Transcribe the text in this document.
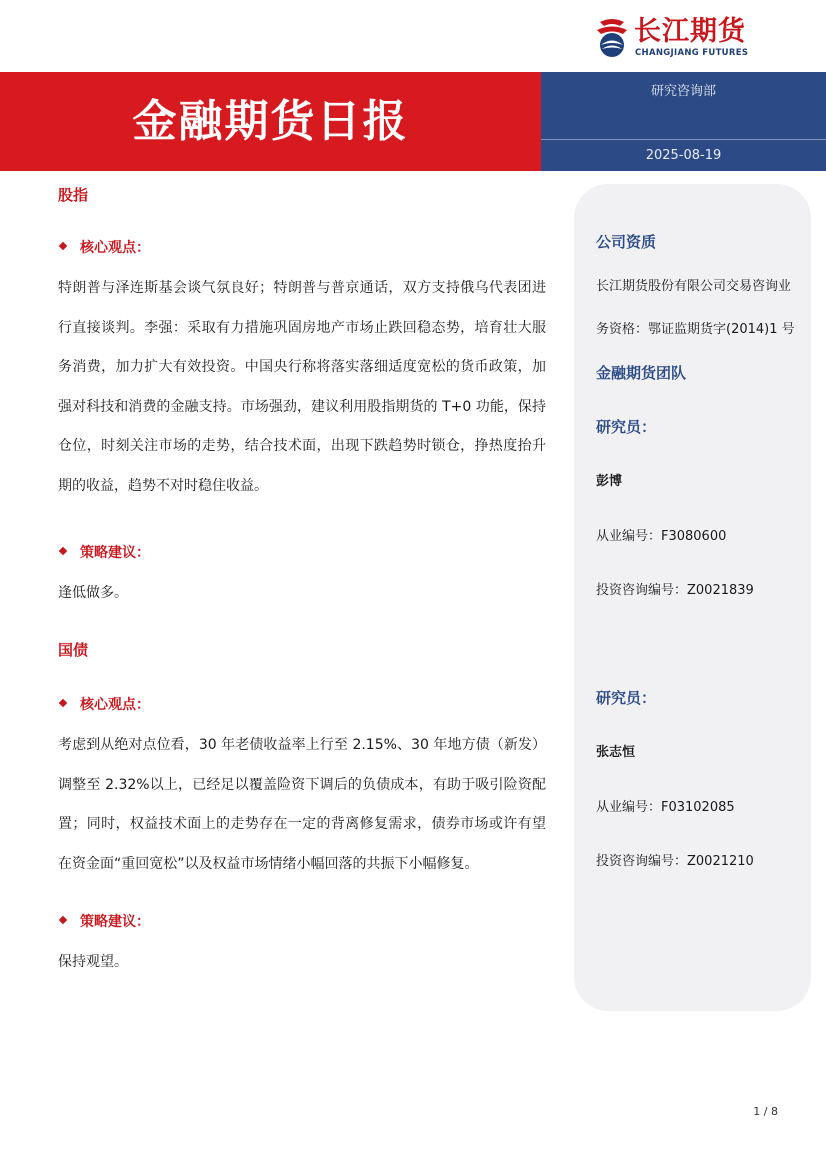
长江期货
CHANGJIANG FUTURES
金融期货日报
研究咨询部
2025-08-19
股指
核心观点：
特朗普与泽连斯基会谈气氛良好；特朗普与普京通话，双方支持俄乌代表团进行直接谈判。李强：采取有力措施巩固房地产市场止跌回稳态势，培育壮大服务消费，加力扩大有效投资。中国央行称将落实落细适度宽松的货币政策，加强对科技和消费的金融支持。市场强劲，建议利用股指期货的 T+0 功能，保持仓位，时刻关注市场的走势，结合技术面，出现下跌趋势时锁仓，挣热度抬升期的收益，趋势不对时稳住收益。
策略建议：
逢低做多。
国债
核心观点：
考虑到从绝对点位看，30 年老债收益率上行至 2.15%、30 年地方债（新发）调整至 2.32%以上，已经足以覆盖险资下调后的负债成本，有助于吸引险资配置；同时，权益技术面上的走势存在一定的背离修复需求，债券市场或许有望在资金面“重回宽松”以及权益市场情绪小幅回落的共振下小幅修复。
策略建议：
保持观望。
公司资质
长江期货股份有限公司交易咨询业
务资格：鄂证监期货字(2014)1 号
金融期货团队
研究员：
彭博
从业编号：F3080600
投资咨询编号：Z0021839
研究员：
张志恒
从业编号：F03102085
投资咨询编号：Z0021210
1 / 8
